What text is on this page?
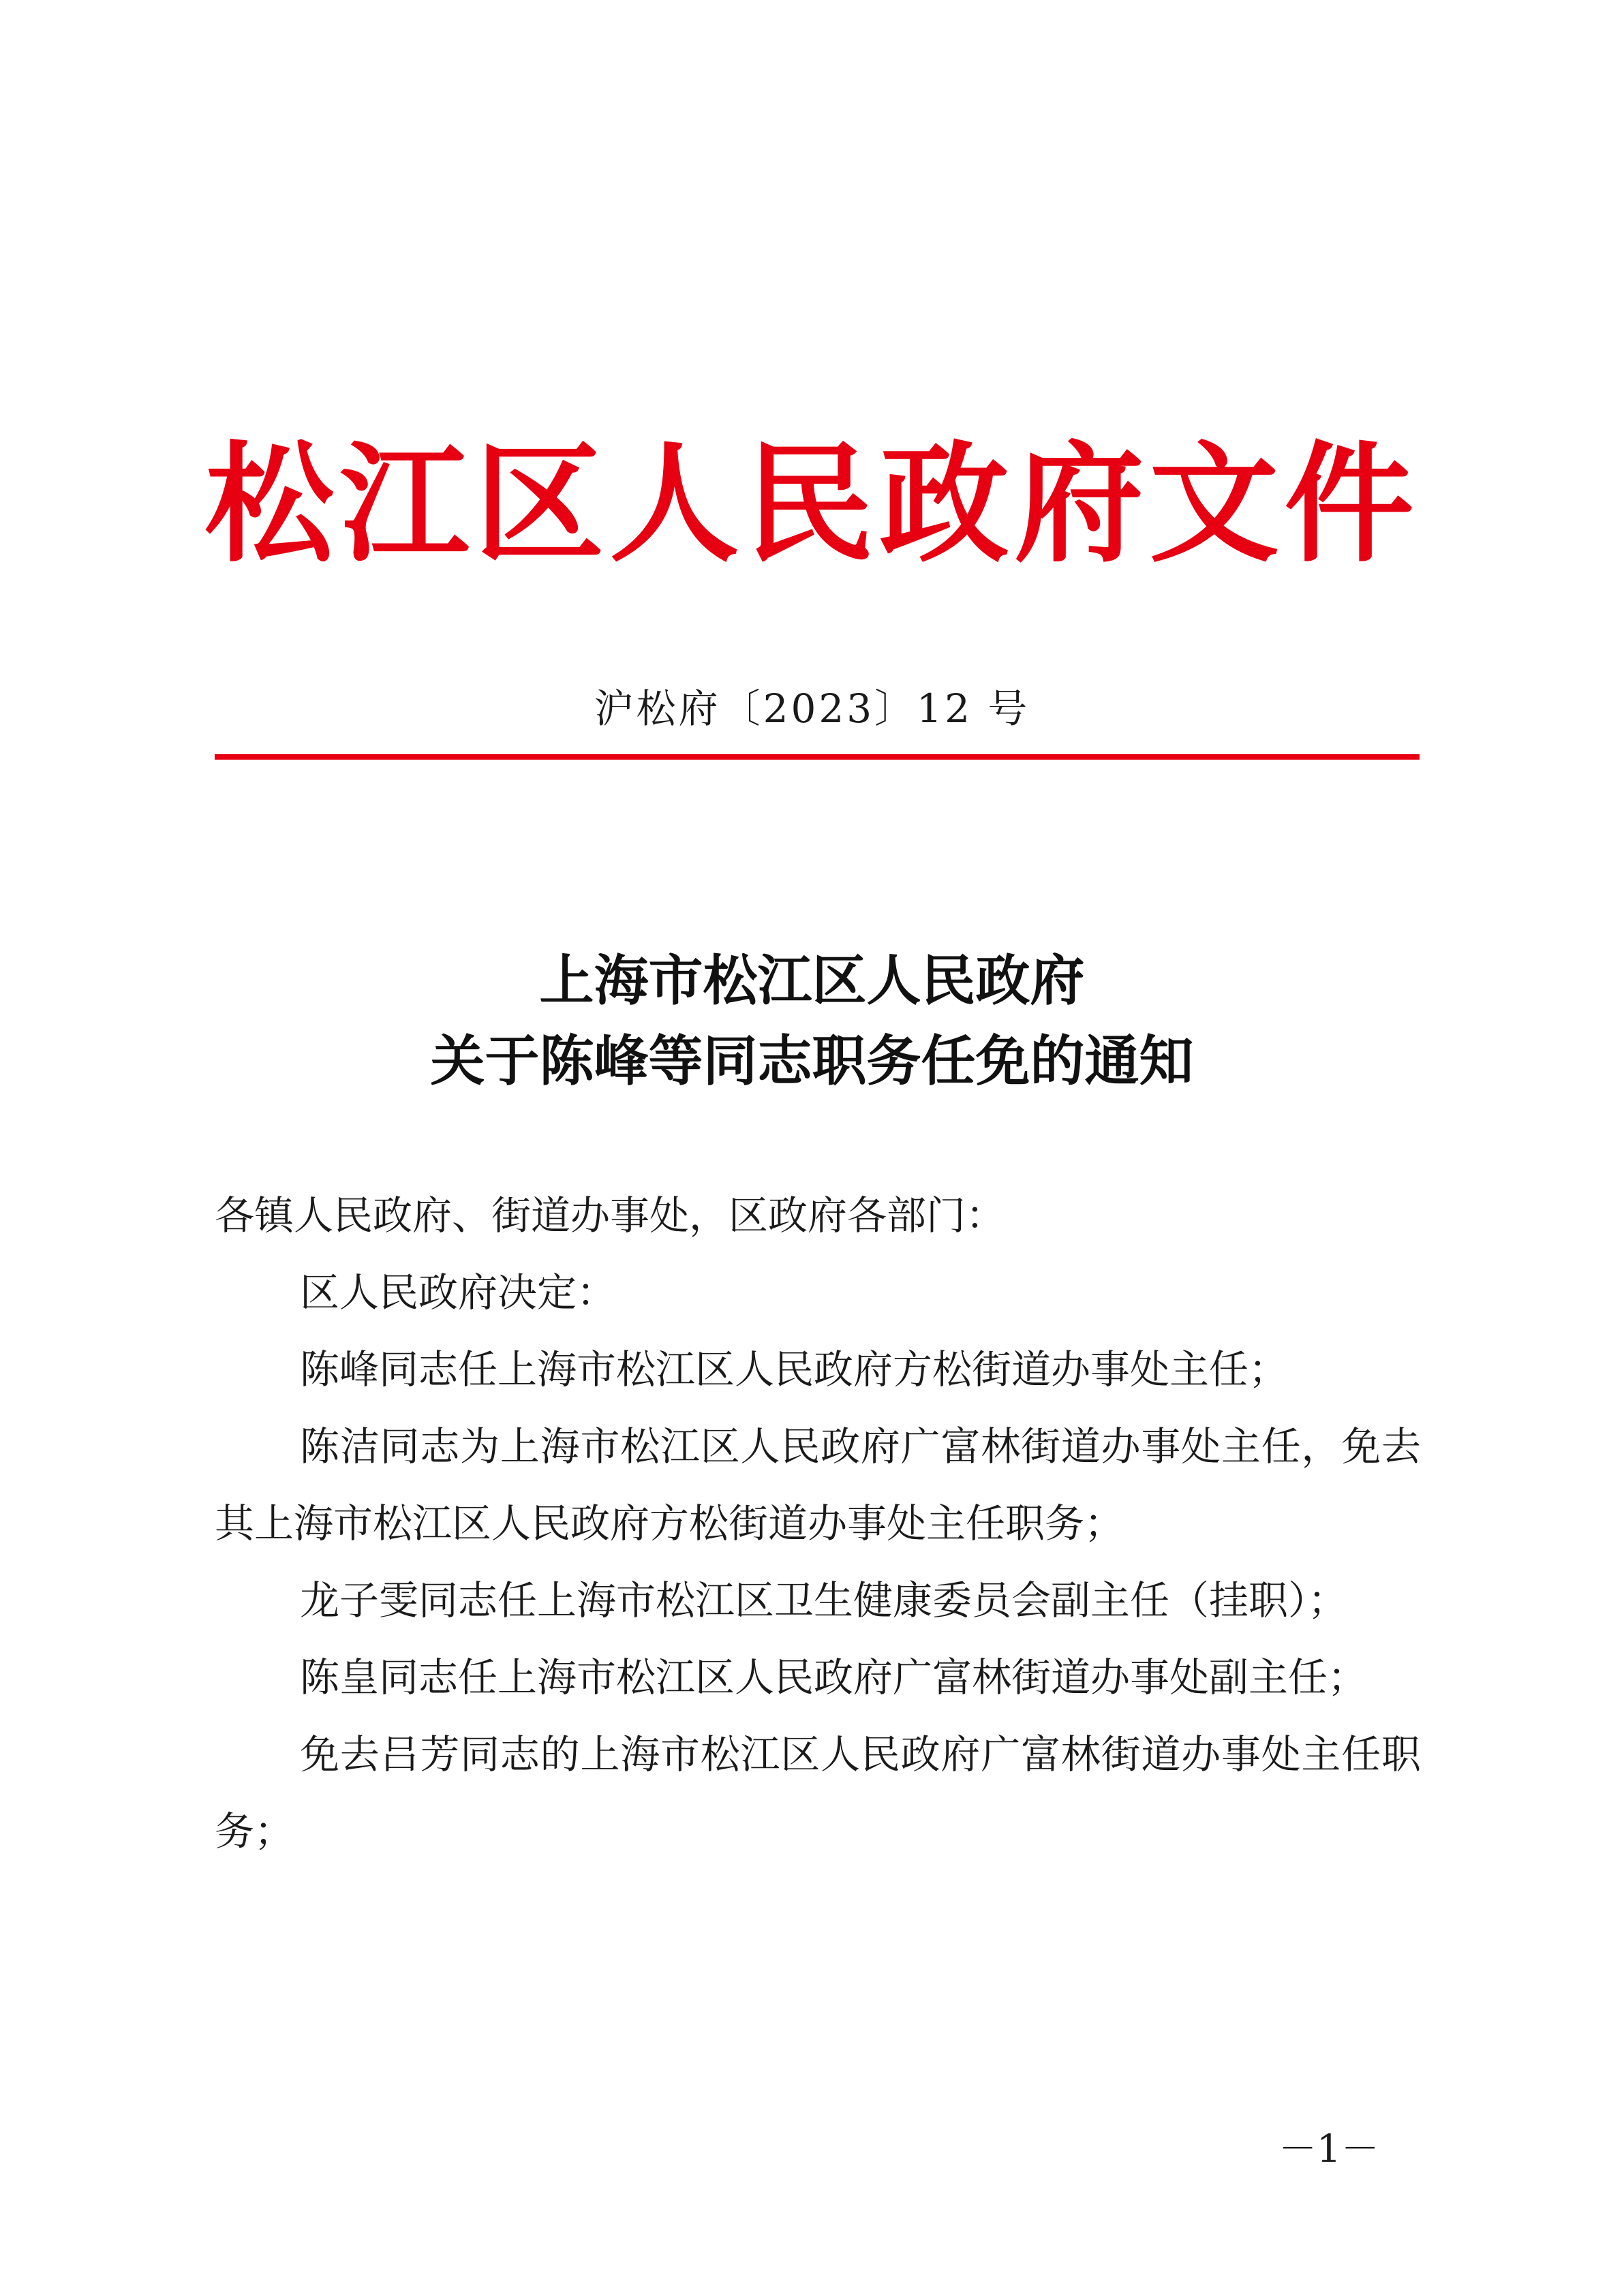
松江区人民政府文件
沪松府〔2023〕12 号
上海市松江区人民政府
关于陈峰等同志职务任免的通知

各镇人民政府、街道办事处，区政府各部门：

区人民政府决定：

陈峰同志任上海市松江区人民政府方松街道办事处主任；

陈洁同志为上海市松江区人民政府广富林街道办事处主任，免去其上海市松江区人民政府方松街道办事处主任职务；

龙子雯同志任上海市松江区卫生健康委员会副主任（挂职）；

陈皇同志任上海市松江区人民政府广富林街道办事处副主任；

免去吕芳同志的上海市松江区人民政府广富林街道办事处主任职务；

－1－
